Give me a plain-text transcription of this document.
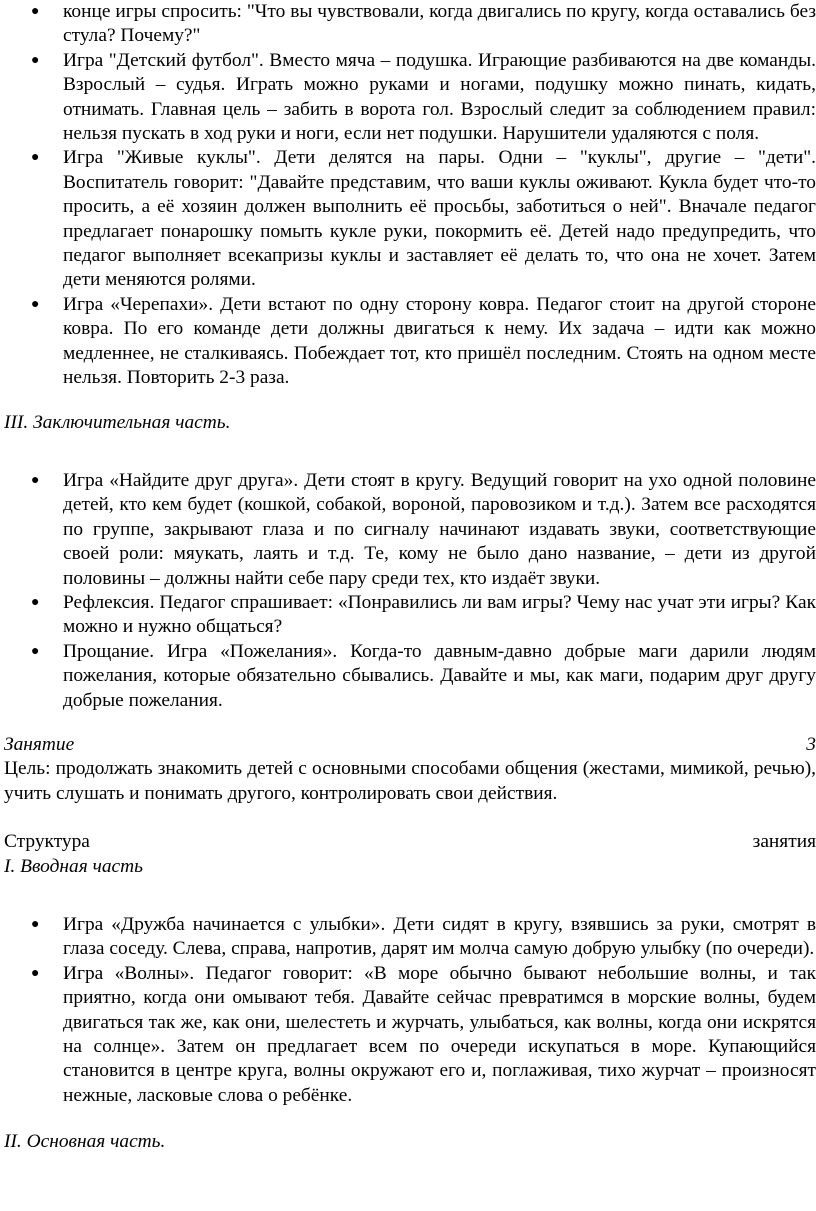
● конце игры спросить: "Что вы чувствовали, когда двигались по кругу, когда оставались без стула? Почему?"
● Игра "Детский футбол". Вместо мяча – подушка. Играющие разбиваются на две команды. Взрослый – судья. Играть можно руками и ногами, подушку можно пинать, кидать, отнимать. Главная цель – забить в ворота гол. Взрослый следит за соблюдением правил: нельзя пускать в ход руки и ноги, если нет подушки. Нарушители удаляются с поля.
● Игра "Живые куклы". Дети делятся на пары. Одни – "куклы", другие – "дети". Воспитатель говорит: "Давайте представим, что ваши куклы оживают. Кукла будет что-то просить, а её хозяин должен выполнить её просьбы, заботиться о ней". Вначале педагог предлагает понарошку помыть кукле руки, покормить её. Детей надо предупредить, что педагог выполняет всекапризы куклы и заставляет её делать то, что она не хочет. Затем дети меняются ролями.
● Игра «Черепахи». Дети встают по одну сторону ковра. Педагог стоит на другой стороне ковра. По его команде дети должны двигаться к нему. Их задача – идти как можно медленнее, не сталкиваясь. Побеждает тот, кто пришёл последним. Стоять на одном месте нельзя. Повторить 2-3 раза.

III. Заключительная часть.

● Игра «Найдите друг друга». Дети стоят в кругу. Ведущий говорит на ухо одной половине детей, кто кем будет (кошкой, собакой, вороной, паровозиком и т.д.). Затем все расходятся по группе, закрывают глаза и по сигналу начинают издавать звуки, соответствующие своей роли: мяукать, лаять и т.д. Те, кому не было дано название, – дети из другой половины – должны найти себе пару среди тех, кто издаёт звуки.
● Рефлексия. Педагог спрашивает: «Понравились ли вам игры? Чему нас учат эти игры? Как можно и нужно общаться?
● Прощание. Игра «Пожелания». Когда-то давным-давно добрые маги дарили людям пожелания, которые обязательно сбывались. Давайте и мы, как маги, подарим друг другу добрые пожелания.
Занятие	3

Цель: продолжать знакомить детей с основными способами общения (жестами, мимикой, речью), учить слушать и понимать другого, контролировать свои действия.

Структура	занятия

I. Вводная часть

● Игра «Дружба начинается с улыбки». Дети сидят в кругу, взявшись за руки, смотрят в глаза соседу. Слева, справа, напротив, дарят им молча самую добрую улыбку (по очереди).
● Игра «Волны». Педагог говорит: «В море обычно бывают небольшие волны, и так приятно, когда они омывают тебя. Давайте сейчас превратимся в морские волны, будем двигаться так же, как они, шелестеть и журчать, улыбаться, как волны, когда они искрятся на солнце». Затем он предлагает всем по очереди искупаться в море. Купающийся становится в центре круга, волны окружают его и, поглаживая, тихо журчат – произносят нежные, ласковые слова о ребёнке.

II. Основная часть.
